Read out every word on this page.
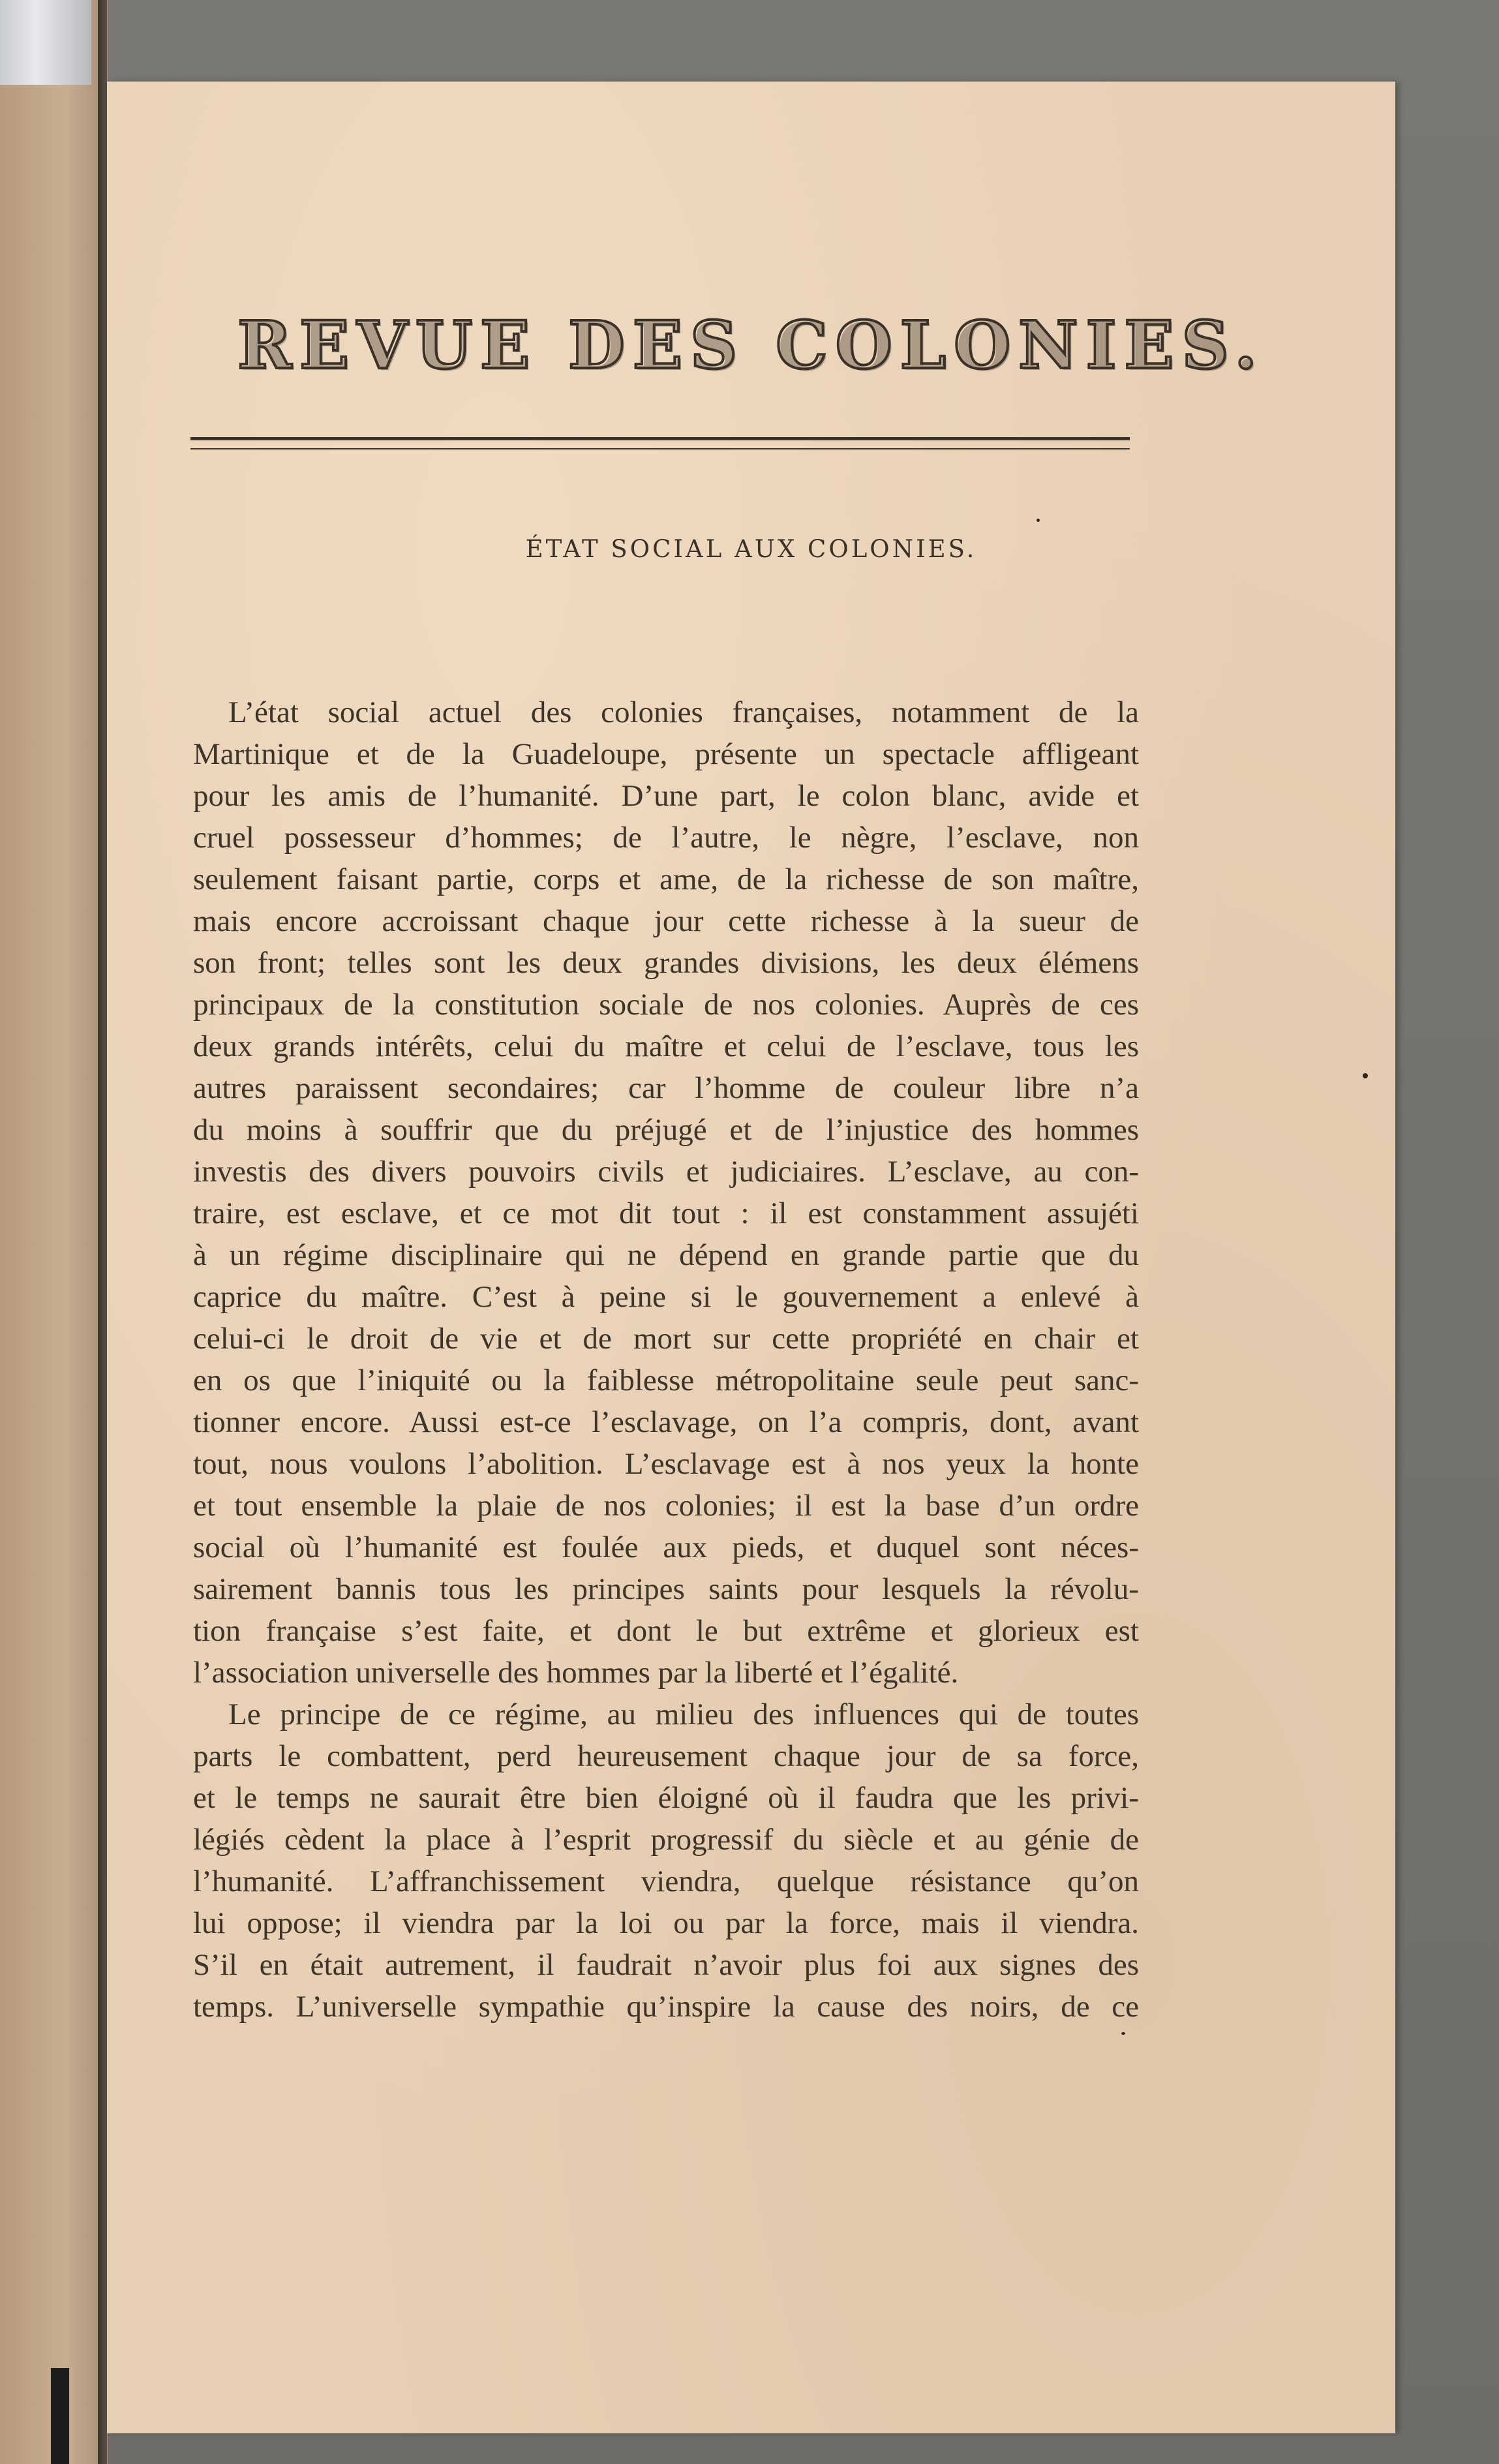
REVUE DES COLONIES.
ÉTAT SOCIAL AUX COLONIES.
L’état social actuel des colonies françaises, notamment de la
Martinique et de la Guadeloupe, présente un spectacle affligeant
pour les amis de l’humanité. D’une part, le colon blanc, avide et
cruel possesseur d’hommes; de l’autre, le nègre, l’esclave, non
seulement faisant partie, corps et ame, de la richesse de son maître,
mais encore accroissant chaque jour cette richesse à la sueur de
son front; telles sont les deux grandes divisions, les deux élémens
principaux de la constitution sociale de nos colonies. Auprès de ces
deux grands intérêts, celui du maître et celui de l’esclave, tous les
autres paraissent secondaires; car l’homme de couleur libre n’a
du moins à souffrir que du préjugé et de l’injustice des hommes
investis des divers pouvoirs civils et judiciaires. L’esclave, au con-
traire, est esclave, et ce mot dit tout : il est constamment assujéti
à un régime disciplinaire qui ne dépend en grande partie que du
caprice du maître. C’est à peine si le gouvernement a enlevé à
celui-ci le droit de vie et de mort sur cette propriété en chair et
en os que l’iniquité ou la faiblesse métropolitaine seule peut sanc-
tionner encore. Aussi est-ce l’esclavage, on l’a compris, dont, avant
tout, nous voulons l’abolition. L’esclavage est à nos yeux la honte
et tout ensemble la plaie de nos colonies; il est la base d’un ordre
social où l’humanité est foulée aux pieds, et duquel sont néces-
sairement bannis tous les principes saints pour lesquels la révolu-
tion française s’est faite, et dont le but extrême et glorieux est
l’association universelle des hommes par la liberté et l’égalité.
Le principe de ce régime, au milieu des influences qui de toutes
parts le combattent, perd heureusement chaque jour de sa force,
et le temps ne saurait être bien éloigné où il faudra que les privi-
légiés cèdent la place à l’esprit progressif du siècle et au génie de
l’humanité. L’affranchissement viendra, quelque résistance qu’on
lui oppose; il viendra par la loi ou par la force, mais il viendra.
S’il en était autrement, il faudrait n’avoir plus foi aux signes des
temps. L’universelle sympathie qu’inspire la cause des noirs, de ce
